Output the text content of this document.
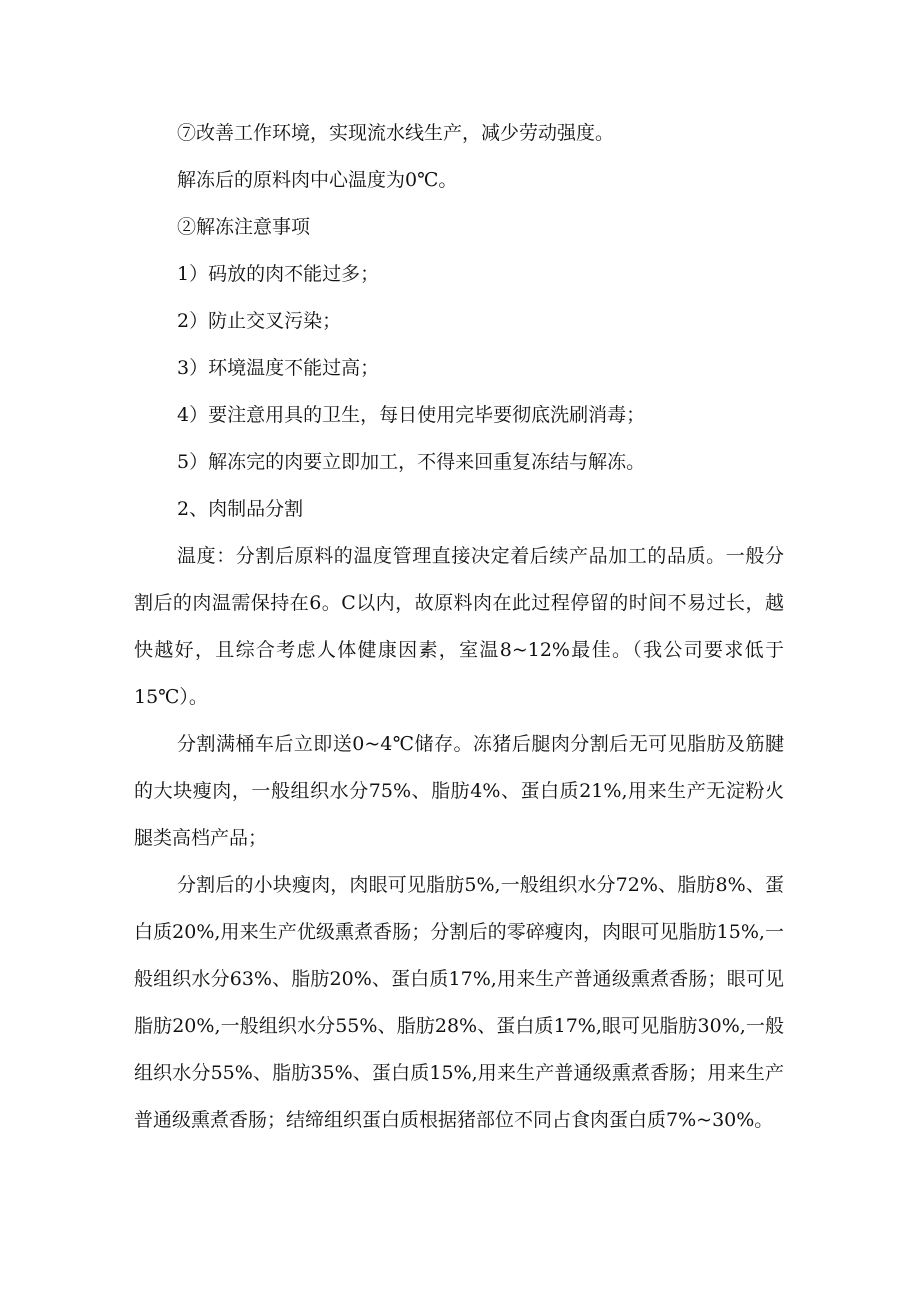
⑦改善工作环境，实现流水线生产，减少劳动强度。

解冻后的原料肉中心温度为0℃。

②解冻注意事项

1）码放的肉不能过多；

2）防止交叉污染；

3）环境温度不能过高；

4）要注意用具的卫生，每日使用完毕要彻底洗刷消毒；

5）解冻完的肉要立即加工，不得来回重复冻结与解冻。

2、肉制品分割

温度：分割后原料的温度管理直接决定着后续产品加工的品质。一般分割后的肉温需保持在6。C以内，故原料肉在此过程停留的时间不易过长，越快越好，且综合考虑人体健康因素，室温8~12%最佳。（我公司要求低于15℃）。

分割满桶车后立即送0~4℃储存。冻猪后腿肉分割后无可见脂肪及筋腱的大块瘦肉，一般组织水分75%、脂肪4%、蛋白质21%,用来生产无淀粉火腿类高档产品；

分割后的小块瘦肉，肉眼可见脂肪5%,一般组织水分72%、脂肪8%、蛋白质20%,用来生产优级熏煮香肠；分割后的零碎瘦肉，肉眼可见脂肪15%,一般组织水分63%、脂肪20%、蛋白质17%,用来生产普通级熏煮香肠；眼可见脂肪20%,一般组织水分55%、脂肪28%、蛋白质17%,眼可见脂肪30%,一般组织水分55%、脂肪35%、蛋白质15%,用来生产普通级熏煮香肠；用来生产普通级熏煮香肠；结缔组织蛋白质根据猪部位不同占食肉蛋白质7%~30%。
